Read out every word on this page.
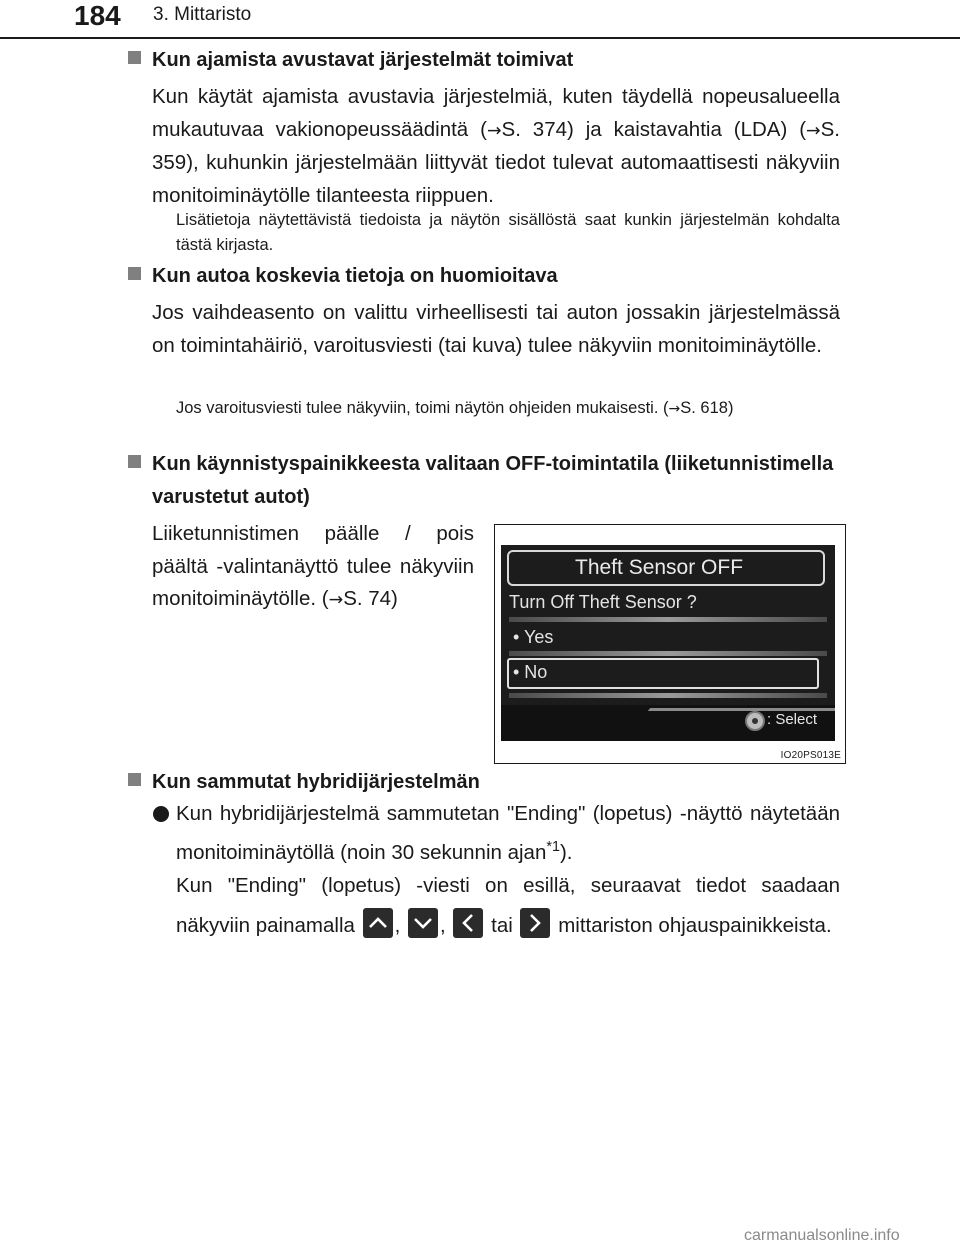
184 3. Mittaristo
Kun ajamista avustavat järjestelmät toimivat
Kun käytät ajamista avustavia järjestelmiä, kuten täydellä nopeusalueella mukautuvaa vakionopeussäädintä (→S. 374) ja kaistavahtia (LDA) (→S. 359), kuhunkin järjestelmään liittyvät tiedot tulevat automaattisesti näkyviin monitoiminäytölle tilanteesta riippuen.
Lisätietoja näytettävistä tiedoista ja näytön sisällöstä saat kunkin järjestelmän kohdalta tästä kirjasta.
Kun autoa koskevia tietoja on huomioitava
Jos vaihdeasento on valittu virheellisesti tai auton jossakin järjestelmässä on toimintahäiriö, varoitusviesti (tai kuva) tulee näkyviin monitoiminäytölle.
Jos varoitusviesti tulee näkyviin, toimi näytön ohjeiden mukaisesti. (→S. 618)
Kun käynnistyspainikkeesta valitaan OFF-toimintatila (liiketunnistimella varustetut autot)
Liiketunnistimen päälle / pois päältä -valintanäyttö tulee näkyviin monitoiminäytölle. (→S. 74)
Theft Sensor OFF
Turn Off Theft Sensor ?
• Yes
• No
: Select
IO20PS013E
Kun sammutat hybridijärjestelmän
Kun hybridijärjestelmä sammutetan "Ending" (lopetus) -näyttö näytetään monitoiminäytöllä (noin 30 sekunnin ajan$^{*1}$).
Kun "Ending" (lopetus) -viesti on esillä, seuraavat tiedot saadaan näkyviin painamalla , , tai mittariston ohjauspainikkeista.
carmanualsonline.info
